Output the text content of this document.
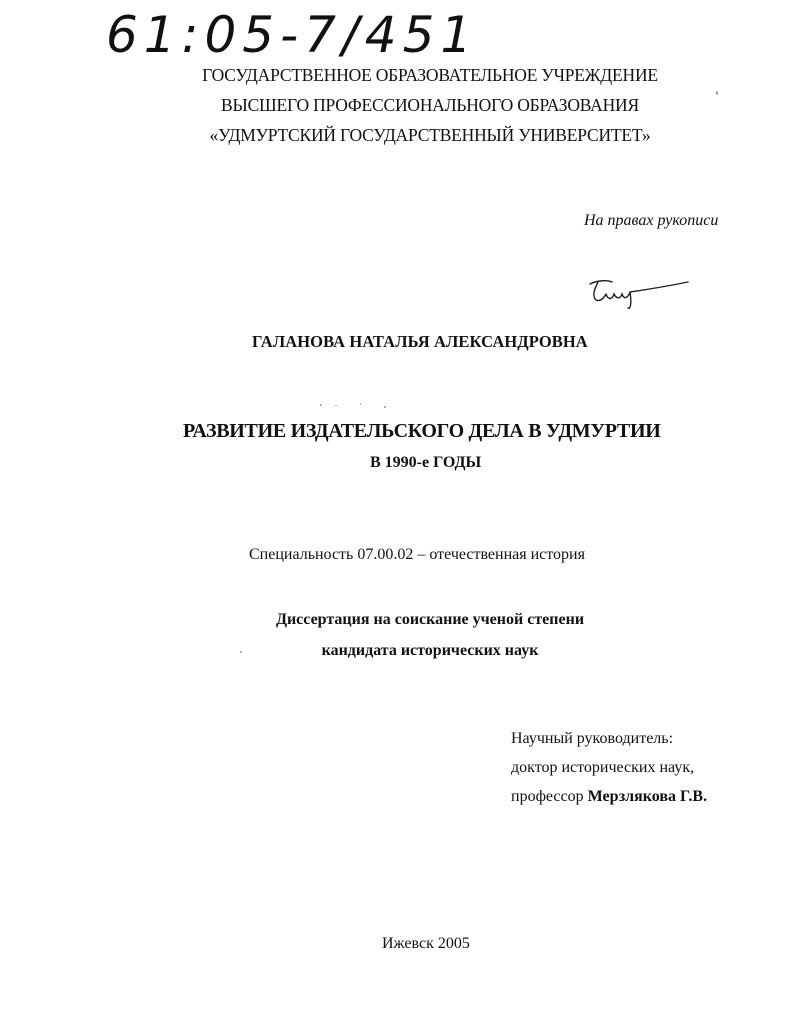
61:05-7/451
ГОСУДАРСТВЕННОЕ ОБРАЗОВАТЕЛЬНОЕ УЧРЕЖДЕНИЕ
ВЫСШЕГО ПРОФЕССИОНАЛЬНОГО ОБРАЗОВАНИЯ
«УДМУРТСКИЙ ГОСУДАРСТВЕННЫЙ УНИВЕРСИТЕТ»
На правах рукописи
ГАЛАНОВА НАТАЛЬЯ АЛЕКСАНДРОВНА
РАЗВИТИЕ ИЗДАТЕЛЬСКОГО ДЕЛА В УДМУРТИИ
В 1990-е ГОДЫ
Специальность 07.00.02 – отечественная история
Диссертация на соискание ученой степени
кандидата исторических наук
Научный руководитель:
доктор исторических наук,
профессор Мерзлякова Г.В.
Ижевск 2005
